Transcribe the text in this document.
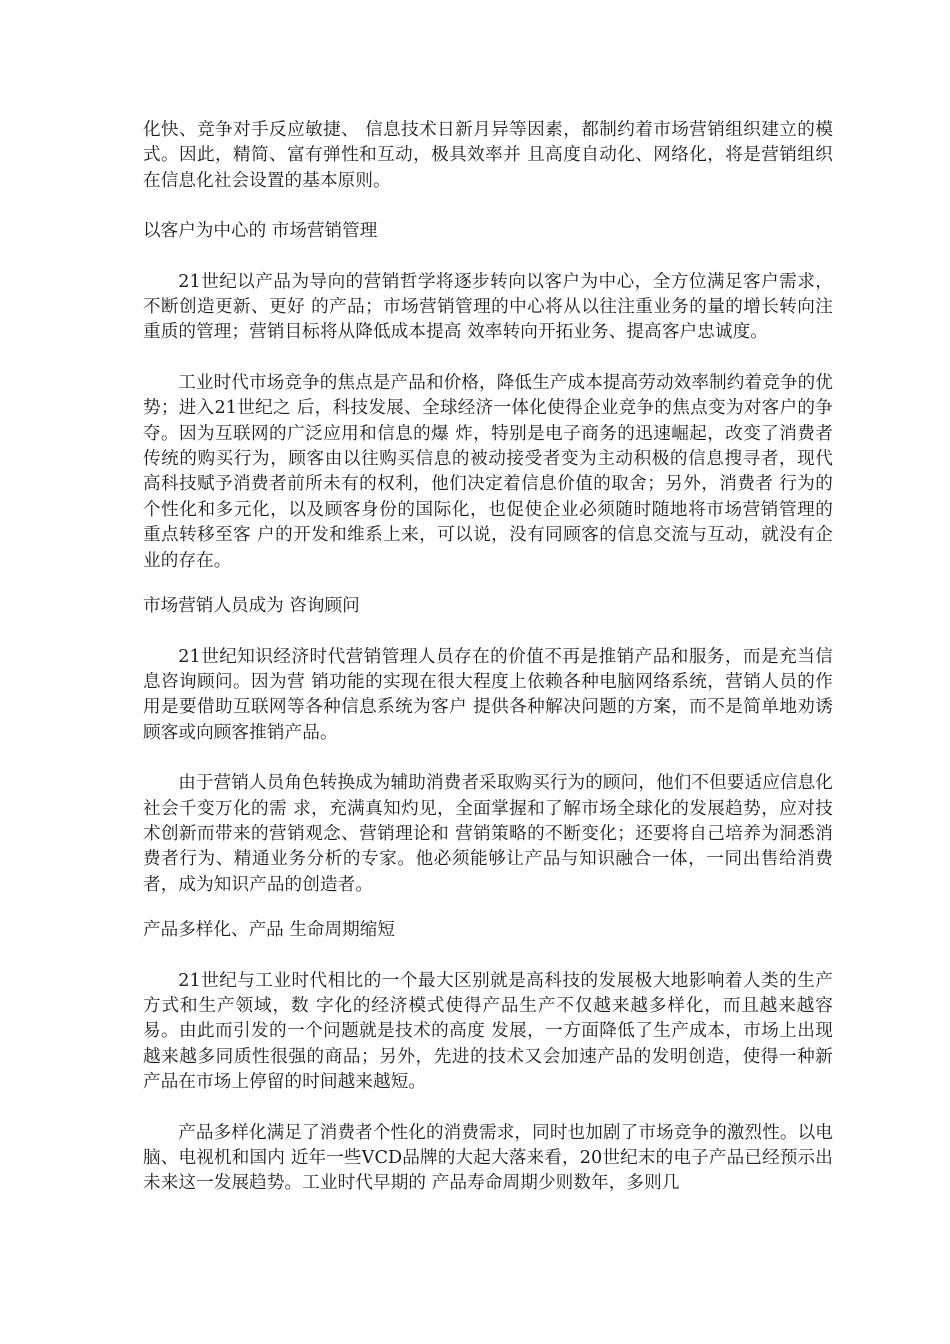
化快、竞争对手反应敏捷、 信息技术日新月异等因素，都制约着市场营销组织建立的模式。因此，精简、富有弹性和互动，极具效率并 且高度自动化、网络化，将是营销组织在信息化社会设置的基本原则。

以客户为中心的 市场营销管理

21世纪以产品为导向的营销哲学将逐步转向以客户为中心，全方位满足客户需求，不断创造更新、更好 的产品；市场营销管理的中心将从以往注重业务的量的增长转向注重质的管理；营销目标将从降低成本提高 效率转向开拓业务、提高客户忠诚度。

工业时代市场竞争的焦点是产品和价格，降低生产成本提高劳动效率制约着竞争的优势；进入21世纪之 后，科技发展、全球经济一体化使得企业竞争的焦点变为对客户的争夺。因为互联网的广泛应用和信息的爆 炸，特别是电子商务的迅速崛起，改变了消费者传统的购买行为，顾客由以往购买信息的被动接受者变为主动积极的信息搜寻者，现代高科技赋予消费者前所未有的权利，他们决定着信息价值的取舍；另外，消费者 行为的个性化和多元化，以及顾客身份的国际化，也促使企业必须随时随地将市场营销管理的重点转移至客 户的开发和维系上来，可以说，没有同顾客的信息交流与互动，就没有企业的存在。

市场营销人员成为 咨询顾问

21世纪知识经济时代营销管理人员存在的价值不再是推销产品和服务，而是充当信息咨询顾问。因为营 销功能的实现在很大程度上依赖各种电脑网络系统，营销人员的作用是要借助互联网等各种信息系统为客户 提供各种解决问题的方案，而不是简单地劝诱顾客或向顾客推销产品。

由于营销人员角色转换成为辅助消费者采取购买行为的顾问，他们不但要适应信息化社会千变万化的需 求，充满真知灼见，全面掌握和了解市场全球化的发展趋势，应对技术创新而带来的营销观念、营销理论和 营销策略的不断变化；还要将自己培养为洞悉消费者行为、精通业务分析的专家。他必须能够让产品与知识融合一体，一同出售给消费者，成为知识产品的创造者。

产品多样化、产品 生命周期缩短

21世纪与工业时代相比的一个最大区别就是高科技的发展极大地影响着人类的生产方式和生产领域，数 字化的经济模式使得产品生产不仅越来越多样化，而且越来越容易。由此而引发的一个问题就是技术的高度 发展，一方面降低了生产成本，市场上出现越来越多同质性很强的商品；另外，先进的技术又会加速产品的发明创造，使得一种新产品在市场上停留的时间越来越短。

产品多样化满足了消费者个性化的消费需求，同时也加剧了市场竞争的激烈性。以电脑、电视机和国内 近年一些VCD品牌的大起大落来看，20世纪末的电子产品已经预示出未来这一发展趋势。工业时代早期的 产品寿命周期少则数年，多则几
